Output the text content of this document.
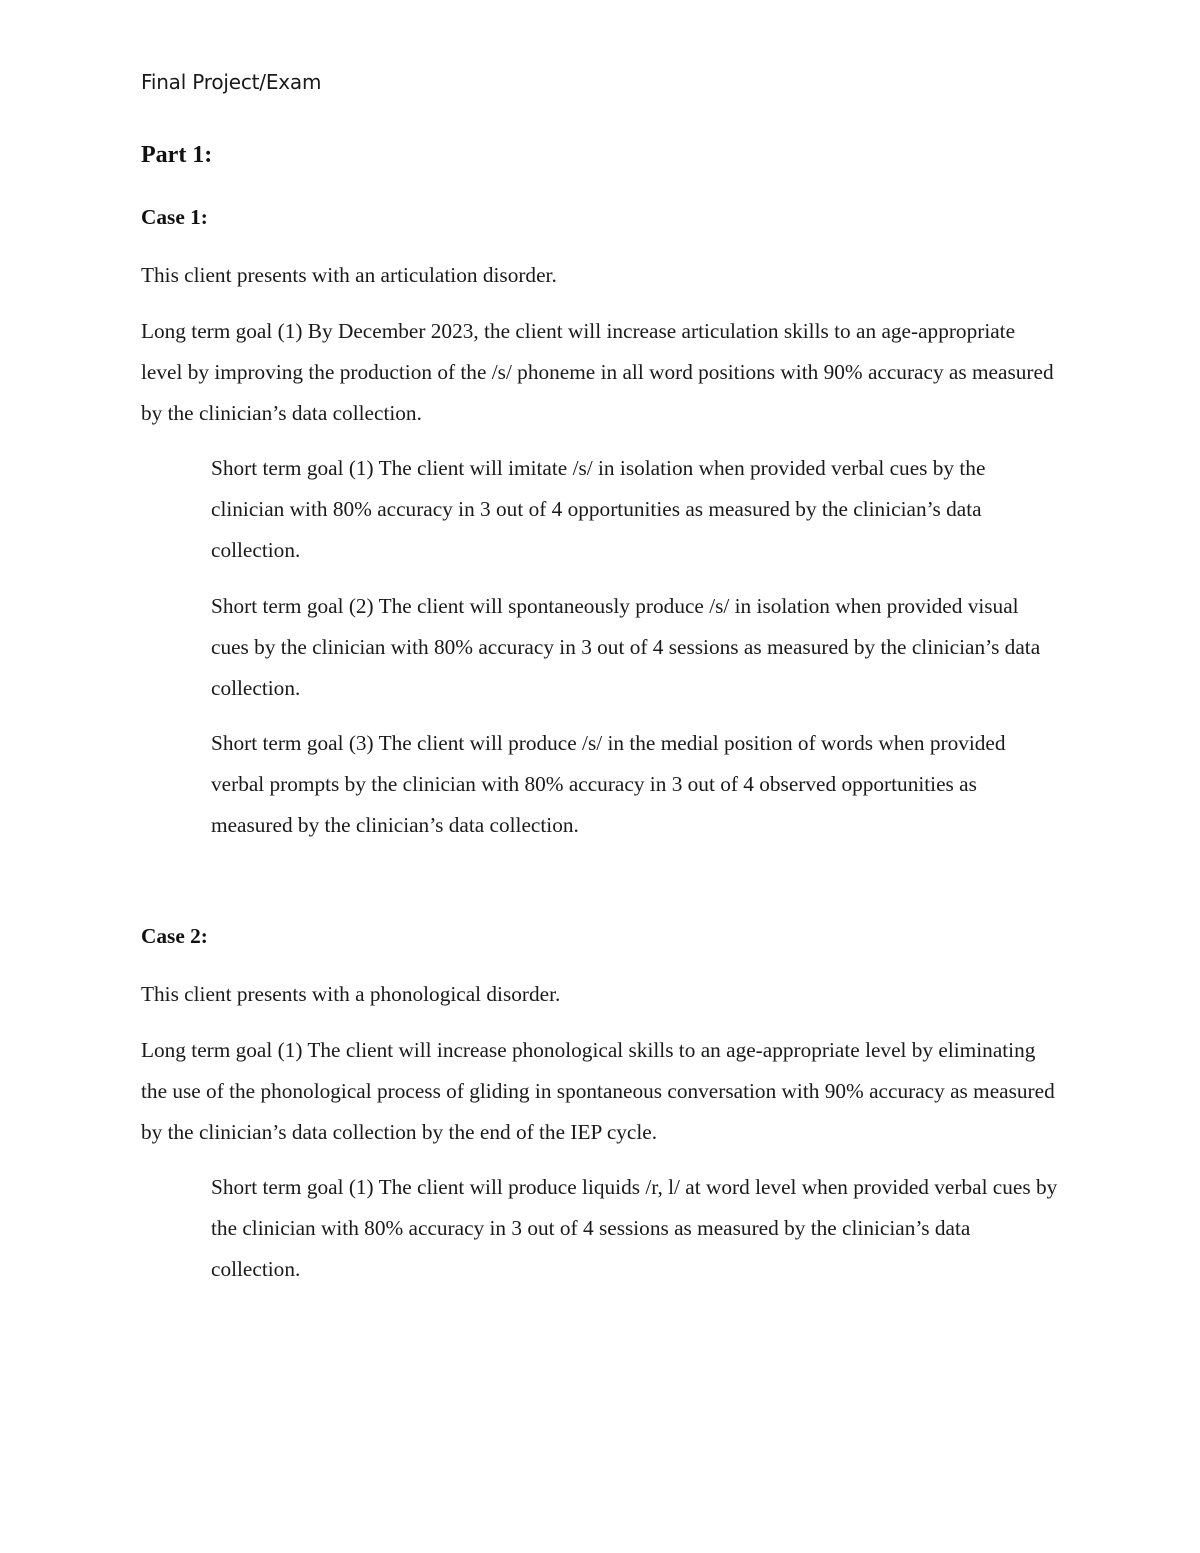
Final Project/Exam
Part 1:
Case 1:

This client presents with an articulation disorder.

Long term goal (1) By December 2023, the client will increase articulation skills to an age-appropriate level by improving the production of the /s/ phoneme in all word positions with 90% accuracy as measured by the clinician’s data collection.

Short term goal (1) The client will imitate /s/ in isolation when provided verbal cues by the clinician with 80% accuracy in 3 out of 4 opportunities as measured by the clinician’s data collection.

Short term goal (2) The client will spontaneously produce /s/ in isolation when provided visual cues by the clinician with 80% accuracy in 3 out of 4 sessions as measured by the clinician’s data collection.

Short term goal (3) The client will produce /s/ in the medial position of words when provided verbal prompts by the clinician with 80% accuracy in 3 out of 4 observed opportunities as measured by the clinician’s data collection.

Case 2:

This client presents with a phonological disorder.

Long term goal (1) The client will increase phonological skills to an age-appropriate level by eliminating the use of the phonological process of gliding in spontaneous conversation with 90% accuracy as measured by the clinician’s data collection by the end of the IEP cycle.

Short term goal (1) The client will produce liquids /r, l/ at word level when provided verbal cues by the clinician with 80% accuracy in 3 out of 4 sessions as measured by the clinician’s data collection.
